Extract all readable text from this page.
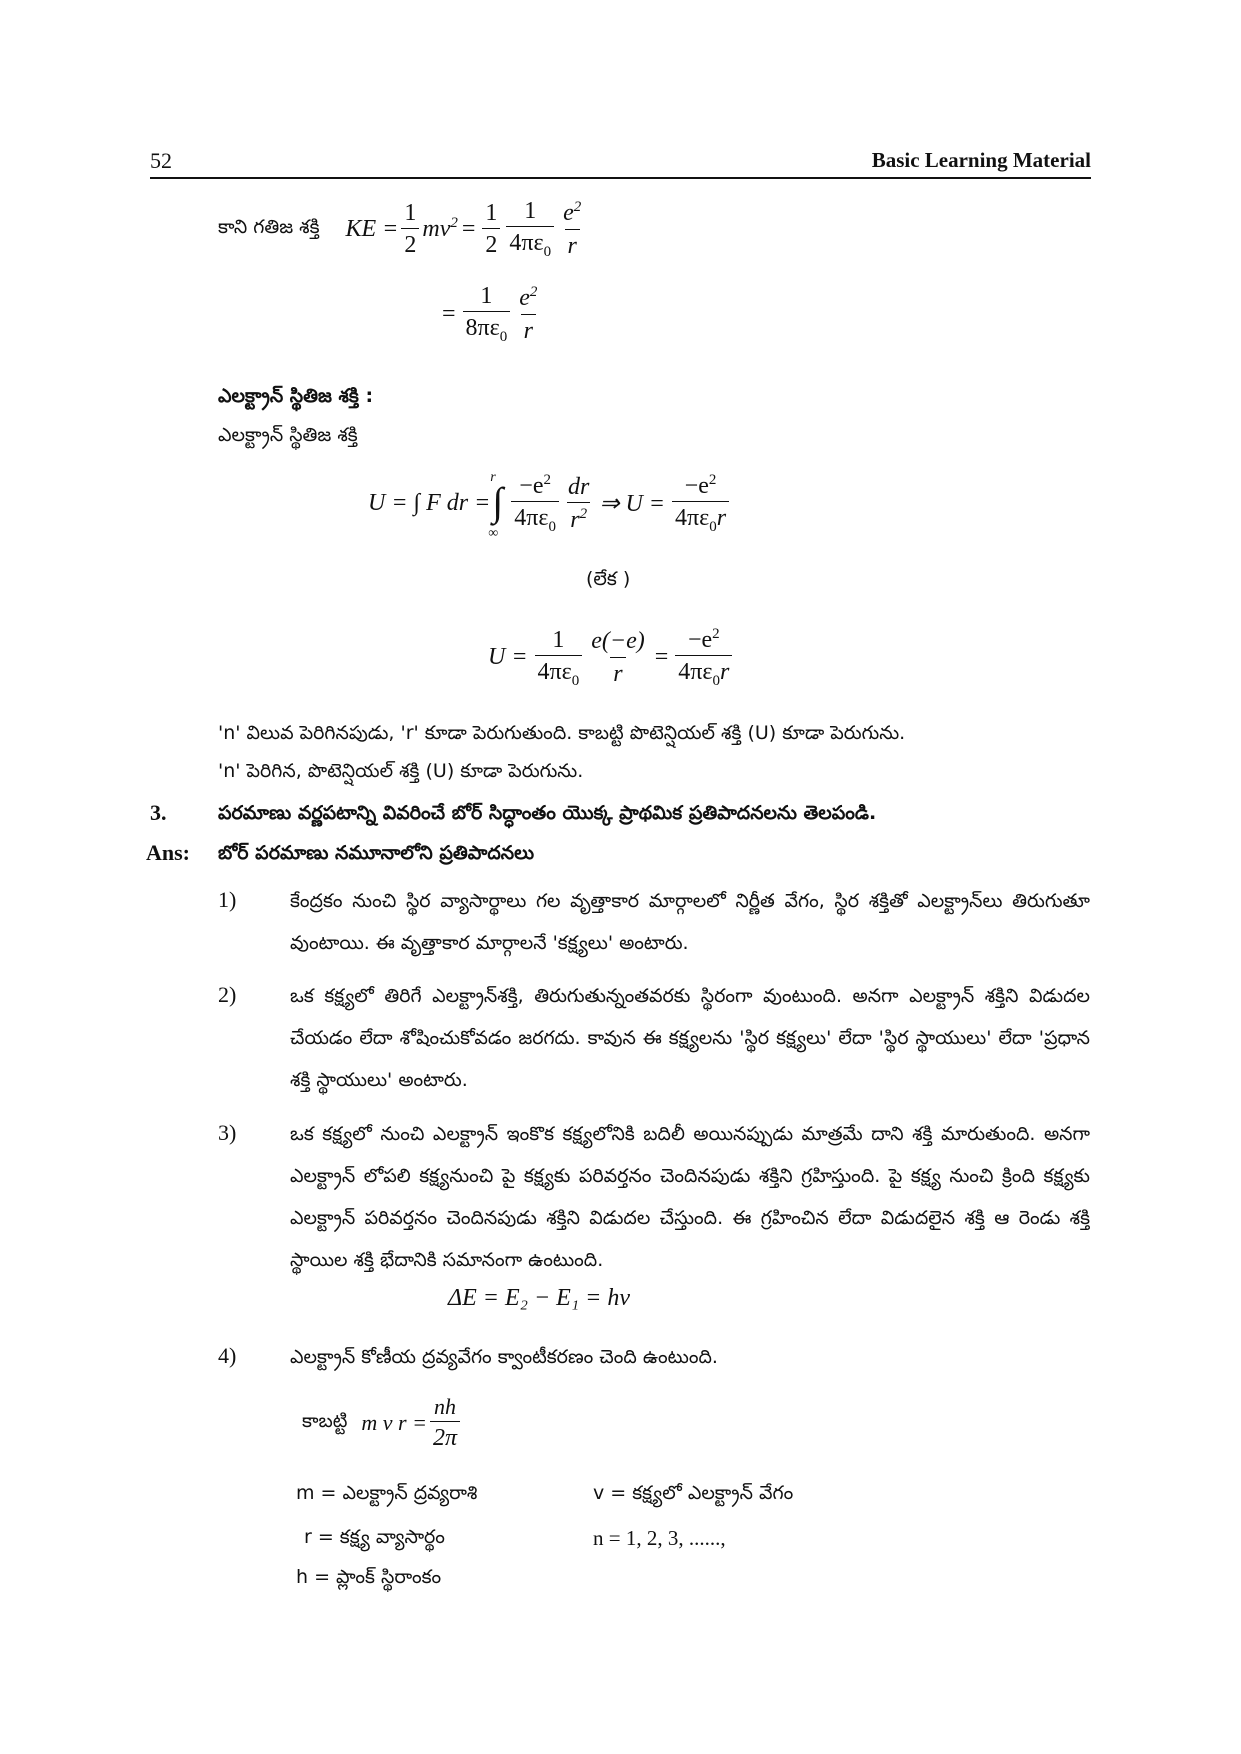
52	Basic Learning Material
కాని గతిజ శక్తి KE = $\frac{1}{2} mv^2 = \frac{1}{2} \frac{1}{4\pi\varepsilon_0} \frac{e^2}{r}$
= $\frac{1}{8\pi\varepsilon_0} \frac{e^2}{r}$
ఎలక్ట్రాన్ స్థితిజ శక్తి :
ఎలక్ట్రాన్ స్థితిజ శక్తి
U = ∫ F dr =
r
∞
∫ $\frac{-e^2}{4\pi\varepsilon_0} \frac{dr}{r^2}$ ⇒ $U = \frac{-e^2}{4\pi\varepsilon_0r}$
(లేక )
$U = \frac{1}{4\pi\varepsilon_0} \frac{e(-e)}{r} = \frac{-e^2}{4\pi\varepsilon_0r}$
'n' విలువ పెరిగినపుడు, 'r' కూడా పెరుగుతుంది. కాబట్టి పొటెన్షియల్ శక్తి (U) కూడా పెరుగును.
'n' పెరిగిన, పొటెన్షియల్ శక్తి (U) కూడా పెరుగును.
3.	పరమాణు వర్ణపటాన్ని వివరించే బోర్ సిద్ధాంతం యొక్క ప్రాథమిక ప్రతిపాదనలను తెలపండి.
Ans: బోర్ పరమాణు నమూనాలోని ప్రతిపాదనలు
1)	కేంద్రకం నుంచి స్థిర వ్యాసార్థాలు గల వృత్తాకార మార్గాలలో నిర్ణీత వేగం, స్థిర శక్తితో ఎలక్ట్రాన్‌లు తిరుగుతూ వుంటాయి. ఈ వృత్తాకార మార్గాలనే 'కక్ష్యలు' అంటారు.
2)	ఒక కక్ష్యలో తిరిగే ఎలక్ట్రాన్‌శక్తి, తిరుగుతున్నంతవరకు స్థిరంగా వుంటుంది. అనగా ఎలక్ట్రాన్ శక్తిని విడుదల చేయడం లేదా శోషించుకోవడం జరగదు. కావున ఈ కక్ష్యలను 'స్థిర కక్ష్యలు' లేదా 'స్థిర స్థాయులు' లేదా 'ప్రధాన శక్తి స్థాయులు' అంటారు.
3)	ఒక కక్ష్యలో నుంచి ఎలక్ట్రాన్ ఇంకొక కక్ష్యలోనికి బదిలీ అయినప్పుడు మాత్రమే దాని శక్తి మారుతుంది. అనగా ఎలక్ట్రాన్ లోపలి కక్ష్యనుంచి పై కక్ష్యకు పరివర్తనం చెందినపుడు శక్తిని గ్రహిస్తుంది. పై కక్ష్య నుంచి క్రింది కక్ష్యకు ఎలక్ట్రాన్ పరివర్తనం చెందినపుడు శక్తిని విడుదల చేస్తుంది. ఈ గ్రహించిన లేదా విడుదలైన శక్తి ఆ రెండు శక్తి స్థాయిల శక్తి భేదానికి సమానంగా ఉంటుంది.
ΔE = E₂ − E₁ = hν
4)	ఎలక్ట్రాన్ కోణీయ ద్రవ్యవేగం క్వాంటీకరణం చెంది ఉంటుంది.
కాబట్టి m v $r = \frac{nh}{2\pi}$
m = ఎలక్ట్రాన్ ద్రవ్యరాశి	v = కక్ష్యలో ఎలక్ట్రాన్ వేగం
r = కక్ష్య వ్యాసార్థం	n = 1, 2, 3, ......,
h = ప్లాంక్ స్థిరాంకం
